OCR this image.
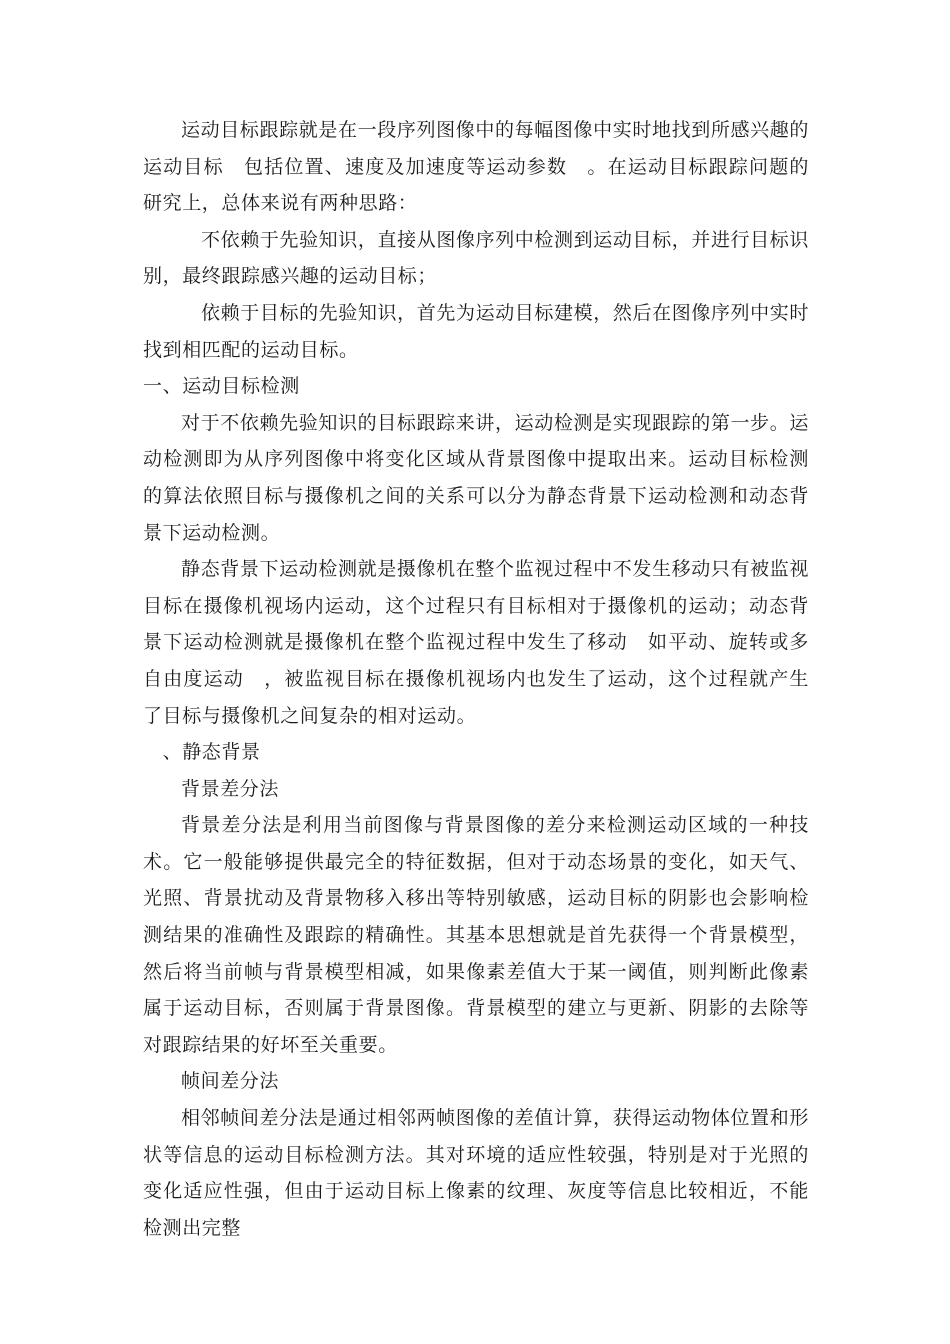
运动目标跟踪就是在一段序列图像中的每幅图像中实时地找到所感兴趣的运动目标　包括位置、速度及加速度等运动参数　。在运动目标跟踪问题的研究上，总体来说有两种思路：

不依赖于先验知识，直接从图像序列中检测到运动目标，并进行目标识别，最终跟踪感兴趣的运动目标；

依赖于目标的先验知识，首先为运动目标建模，然后在图像序列中实时找到相匹配的运动目标。

一、运动目标检测

对于不依赖先验知识的目标跟踪来讲，运动检测是实现跟踪的第一步。运动检测即为从序列图像中将变化区域从背景图像中提取出来。运动目标检测的算法依照目标与摄像机之间的关系可以分为静态背景下运动检测和动态背景下运动检测。

静态背景下运动检测就是摄像机在整个监视过程中不发生移动只有被监视目标在摄像机视场内运动，这个过程只有目标相对于摄像机的运动；动态背景下运动检测就是摄像机在整个监视过程中发生了移动　如平动、旋转或多自由度运动　，被监视目标在摄像机视场内也发生了运动，这个过程就产生了目标与摄像机之间复杂的相对运动。

　、静态背景

背景差分法

背景差分法是利用当前图像与背景图像的差分来检测运动区域的一种技术。它一般能够提供最完全的特征数据，但对于动态场景的变化，如天气、光照、背景扰动及背景物移入移出等特别敏感，运动目标的阴影也会影响检测结果的准确性及跟踪的精确性。其基本思想就是首先获得一个背景模型，然后将当前帧与背景模型相减，如果像素差值大于某一阈值，则判断此像素属于运动目标，否则属于背景图像。背景模型的建立与更新、阴影的去除等对跟踪结果的好坏至关重要。

帧间差分法

相邻帧间差分法是通过相邻两帧图像的差值计算，获得运动物体位置和形状等信息的运动目标检测方法。其对环境的适应性较强，特别是对于光照的变化适应性强，但由于运动目标上像素的纹理、灰度等信息比较相近，不能检测出完整
